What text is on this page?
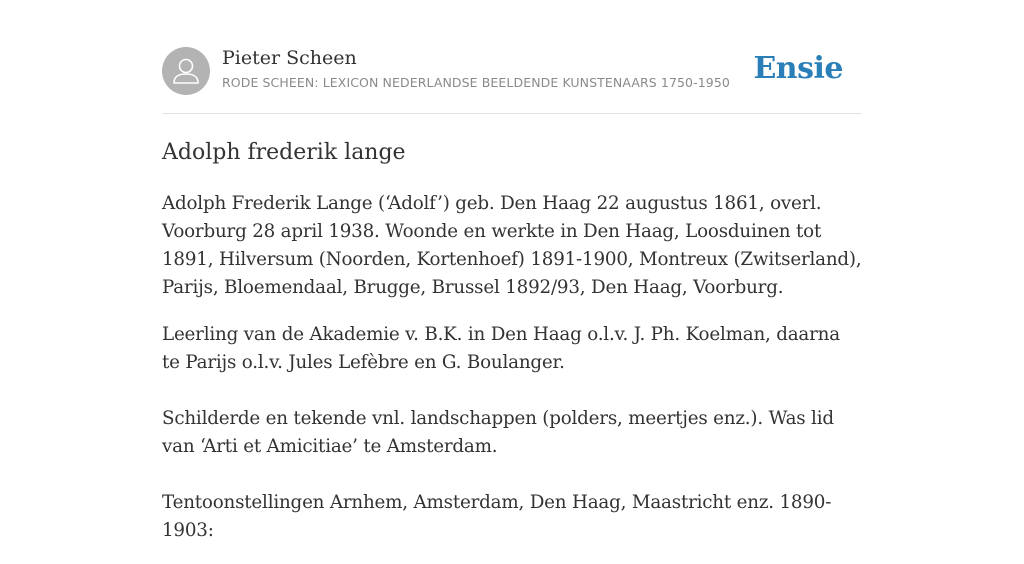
Pieter Scheen
RODE SCHEEN: LEXICON NEDERLANDSE BEELDENDE KUNSTENAARS 1750-1950 Ensie
Adolph frederik lange

Adolph Frederik Lange (‘Adolf’) geb. Den Haag 22 augustus 1861, overl. Voorburg 28 april 1938. Woonde en werkte in Den Haag, Loosduinen tot 1891, Hilversum (Noorden, Kortenhoef) 1891-1900, Montreux (Zwitserland), Parijs, Bloemendaal, Brugge, Brussel 1892/93, Den Haag, Voorburg.

Leerling van de Akademie v. B.K. in Den Haag o.l.v. J. Ph. Koelman, daarna te Parijs o.l.v. Jules Lefèbre en G. Boulanger.

Schilderde en tekende vnl. landschappen (polders, meertjes enz.). Was lid van ‘Arti et Amicitiae’ te Amsterdam.

Tentoonstellingen Arnhem, Amsterdam, Den Haag, Maastricht enz. 1890-1903:
